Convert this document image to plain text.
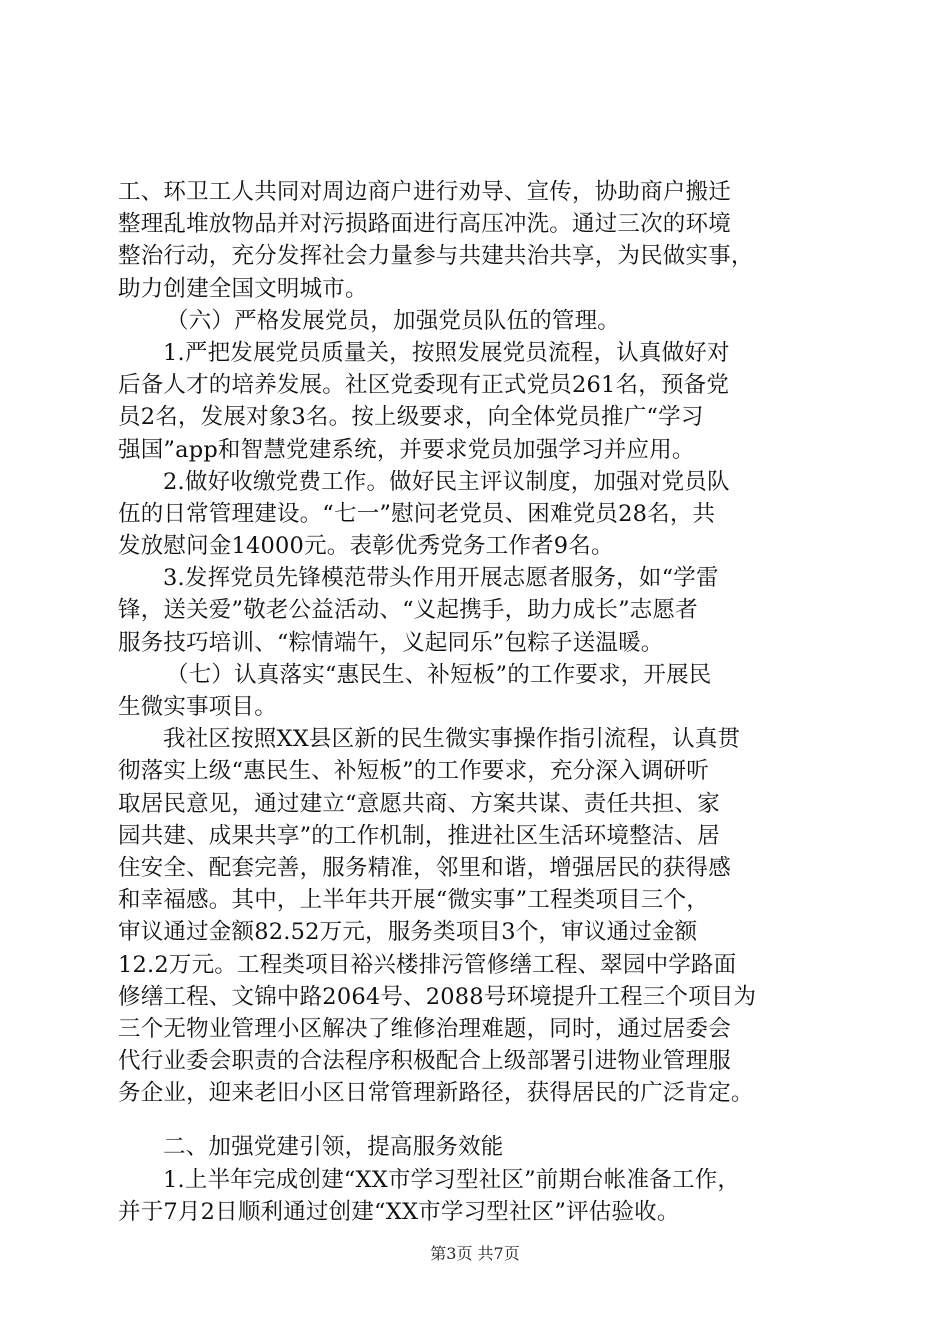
工、环卫工人共同对周边商户进行劝导、宣传，协助商户搬迁
整理乱堆放物品并对污损路面进行高压冲洗。通过三次的环境
整治行动，充分发挥社会力量参与共建共治共享，为民做实事，
助力创建全国文明城市。
（六）严格发展党员，加强党员队伍的管理。
1.严把发展党员质量关，按照发展党员流程，认真做好对
后备人才的培养发展。社区党委现有正式党员261名，预备党
员2名，发展对象3名。按上级要求，向全体党员推广“学习
强国”app和智慧党建系统，并要求党员加强学习并应用。
2.做好收缴党费工作。做好民主评议制度，加强对党员队
伍的日常管理建设。“七一”慰问老党员、困难党员28名，共
发放慰问金14000元。表彰优秀党务工作者9名。
3.发挥党员先锋模范带头作用开展志愿者服务，如“学雷
锋，送关爱”敬老公益活动、“义起携手，助力成长”志愿者
服务技巧培训、“粽情端午，义起同乐”包粽子送温暖。
（七）认真落实“惠民生、补短板”的工作要求，开展民
生微实事项目。
我社区按照XX县区新的民生微实事操作指引流程，认真贯
彻落实上级“惠民生、补短板”的工作要求，充分深入调研听
取居民意见，通过建立“意愿共商、方案共谋、责任共担、家
园共建、成果共享”的工作机制，推进社区生活环境整洁、居
住安全、配套完善，服务精准，邻里和谐，增强居民的获得感
和幸福感。其中，上半年共开展“微实事”工程类项目三个，
审议通过金额82.52万元，服务类项目3个，审议通过金额
12.2万元。工程类项目裕兴楼排污管修缮工程、翠园中学路面
修缮工程、文锦中路2064号、2088号环境提升工程三个项目为
三个无物业管理小区解决了维修治理难题，同时，通过居委会
代行业委会职责的合法程序积极配合上级部署引进物业管理服
务企业，迎来老旧小区日常管理新路径，获得居民的广泛肯定。
二、加强党建引领，提高服务效能
1.上半年完成创建“XX市学习型社区”前期台帐准备工作，
并于7月2日顺利通过创建“XX市学习型社区”评估验收。
第3页 共7页
